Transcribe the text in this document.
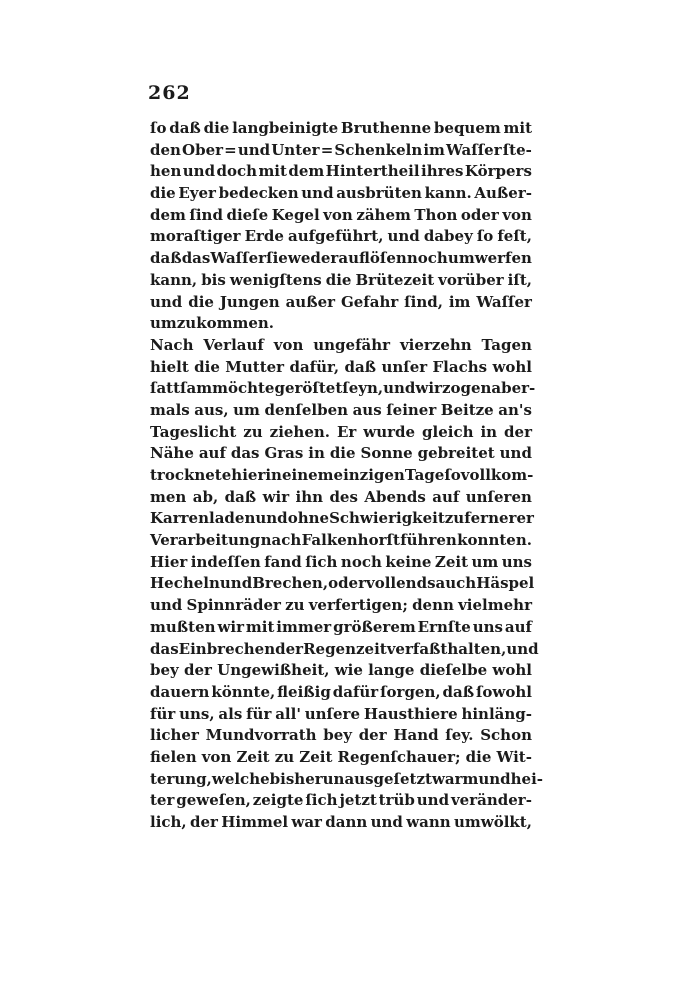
262
ſo daß die langbeinigte Bruthenne bequem mit
den Ober = und Unter = Schenkeln im Waſſer ſte-
hen und doch mit dem Hintertheil ihres Körpers
die Eyer bedecken und ausbrüten kann. Außer-
dem ſind dieſe Kegel von zähem Thon oder von
moraſtiger Erde aufgeführt, und dabey ſo feſt,
daß das Waſſer ſie weder auflöſen noch umwerfen
kann, bis wenigſtens die Brütezeit vorüber iſt,
und die Jungen außer Gefahr ſind, im Waſſer
umzukommen.
Nach Verlauf von ungefähr vierzehn Tagen
hielt die Mutter dafür, daß unſer Flachs wohl
ſattſam möchte geröſtet ſeyn, und wir zogen aber-
mals aus, um denſelben aus ſeiner Beitze an's
Tageslicht zu ziehen. Er wurde gleich in der
Nähe auf das Gras in die Sonne gebreitet und
trocknete hier in einem einzigen Tage ſo vollkom-
men ab, daß wir ihn des Abends auf unſeren
Karren laden und ohne Schwierigkeit zu fernerer
Verarbeitung nach Falkenhorſt führen konnten.
Hier indeſſen fand ſich noch keine Zeit um uns
Hecheln und Brechen, oder vollends auch Häspel
und Spinnräder zu verfertigen; denn vielmehr
mußten wir mit immer größerem Ernſte uns auf
das Einbrechen der Regenzeit verfaßt halten, und
bey der Ungewißheit, wie lange dieſelbe wohl
dauern könnte, fleißig dafür ſorgen, daß ſowohl
für uns, als für all' unſere Hausthiere hinläng-
licher Mundvorrath bey der Hand ſey. Schon
fielen von Zeit zu Zeit Regenſchauer; die Wit-
terung, welche bisher unausgeſetzt warm und hei-
ter geweſen, zeigte ſich jetzt trüb und veränder-
lich, der Himmel war dann und wann umwölkt,
